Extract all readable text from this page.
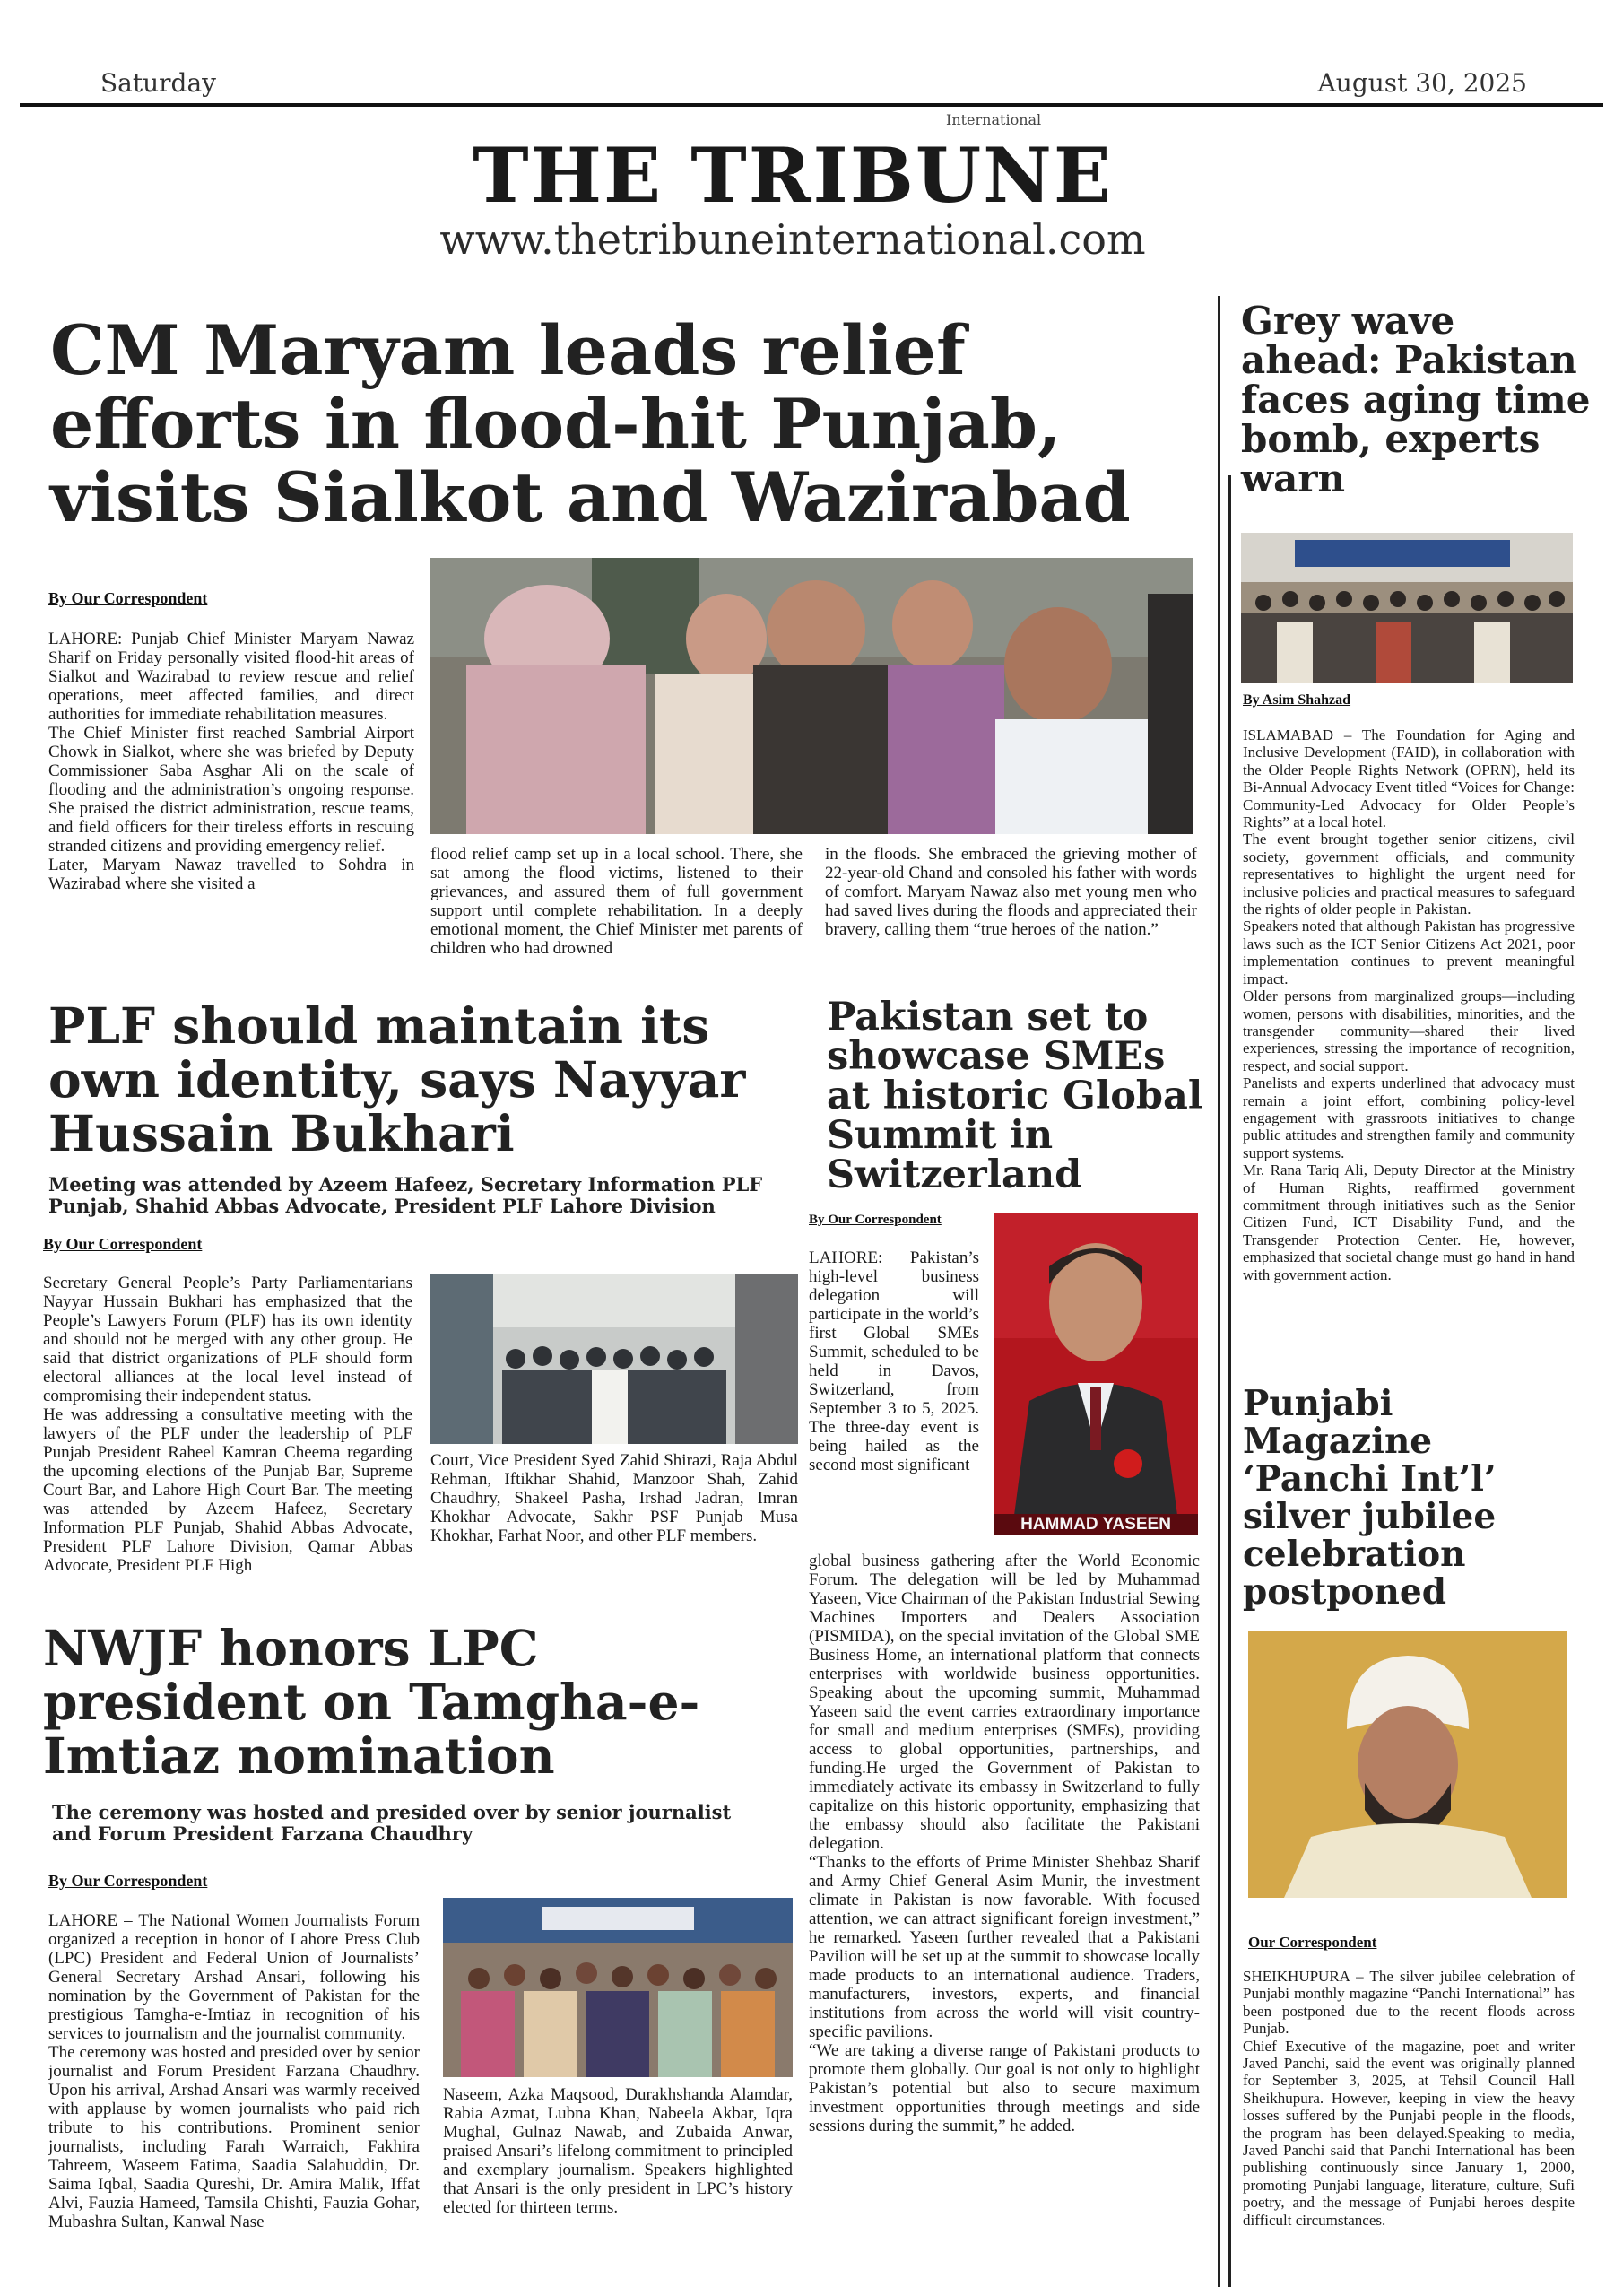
Saturday	August 30, 2025
International
THE TRIBUNE
www.thetribuneinternational.com
CM Maryam leads relief efforts in flood-hit Punjab, visits Sialkot and Wazirabad
By Our Correspondent
LAHORE: Punjab Chief Minister Maryam Nawaz Sharif on Friday personally visited flood-hit areas of Sialkot and Wazirabad to review rescue and relief operations, meet affected families, and direct authorities for immediate rehabilitation measures.
The Chief Minister first reached Sambrial Airport Chowk in Sialkot, where she was briefed by Deputy Commissioner Saba Asghar Ali on the scale of flooding and the administration’s ongoing response. She praised the district administration, rescue teams, and field officers for their tireless efforts in rescuing stranded citizens and providing emergency relief.
Later, Maryam Nawaz travelled to Sohdra in Wazirabad where she visited a
flood relief camp set up in a local school. There, she sat among the flood victims, listened to their grievances, and assured them of full government support until complete rehabilitation. In a deeply emotional moment, the Chief Minister met parents of children who had drowned
in the floods. She embraced the grieving mother of 22-year-old Chand and consoled his father with words of comfort. Maryam Nawaz also met young men who had saved lives during the floods and appreciated their bravery, calling them “true heroes of the nation.”
PLF should maintain its own identity, says Nayyar Hussain Bukhari
Meeting was attended by Azeem Hafeez, Secretary Information PLF Punjab, Shahid Abbas Advocate, President PLF Lahore Division
By Our Correspondent
Secretary General People’s Party Parliamentarians Nayyar Hussain Bukhari has emphasized that the People’s Lawyers Forum (PLF) has its own identity and should not be merged with any other group. He said that district organizations of PLF should form electoral alliances at the local level instead of compromising their independent status.
He was addressing a consultative meeting with the lawyers of the PLF under the leadership of PLF Punjab President Raheel Kamran Cheema regarding the upcoming elections of the Punjab Bar, Supreme Court Bar, and Lahore High Court Bar. The meeting was attended by Azeem Hafeez, Secretary Information PLF Punjab, Shahid Abbas Advocate, President PLF Lahore Division, Qamar Abbas Advocate, President PLF High
Court, Vice President Syed Zahid Shirazi, Raja Abdul Rehman, Iftikhar Shahid, Manzoor Shah, Zahid Chaudhry, Shakeel Pasha, Irshad Jadran, Imran Khokhar Advocate, Sakhr PSF Punjab Musa Khokhar, Farhat Noor, and other PLF members.
NWJF honors LPC president on Tamgha-e-Imtiaz nomination
The ceremony was hosted and presided over by senior journalist and Forum President Farzana Chaudhry
By Our Correspondent
LAHORE – The National Women Journalists Forum organized a reception in honor of Lahore Press Club (LPC) President and Federal Union of Journalists’ General Secretary Arshad Ansari, following his nomination by the Government of Pakistan for the prestigious Tamgha-e-Imtiaz in recognition of his services to journalism and the journalist community.
The ceremony was hosted and presided over by senior journalist and Forum President Farzana Chaudhry. Upon his arrival, Arshad Ansari was warmly received with applause by women journalists who paid rich tribute to his contributions. Prominent senior journalists, including Farah Warraich, Fakhira Tahreem, Waseem Fatima, Saadia Salahuddin, Dr. Saima Iqbal, Saadia Qureshi, Dr. Amira Malik, Iffat Alvi, Fauzia Hameed, Tamsila Chishti, Fauzia Gohar, Mubashra Sultan, Kanwal Nase
Naseem, Azka Maqsood, Durakhshanda Alamdar, Rabia Azmat, Lubna Khan, Nabeela Akbar, Iqra Mughal, Gulnaz Nawab, and Zubaida Anwar, praised Ansari’s lifelong commitment to principled and exemplary journalism. Speakers highlighted that Ansari is the only president in LPC’s history elected for thirteen terms.
Pakistan set to showcase SMEs at historic Global Summit in Switzerland
By Our Correspondent
LAHORE: Pakistan’s high-level business delegation will participate in the world’s first Global SMEs Summit, scheduled to be held in Davos, Switzerland, from September 3 to 5, 2025. The three-day event is being hailed as the second most significant
HAMMAD YASEEN
global business gathering after the World Economic Forum. The delegation will be led by Muhammad Yaseen, Vice Chairman of the Pakistan Industrial Sewing Machines Importers and Dealers Association (PISMIDA), on the special invitation of the Global SME Business Home, an international platform that connects enterprises with worldwide business opportunities. Speaking about the upcoming summit, Muhammad Yaseen said the event carries extraordinary importance for small and medium enterprises (SMEs), providing access to global opportunities, partnerships, and funding.He urged the Government of Pakistan to immediately activate its embassy in Switzerland to fully capitalize on this historic opportunity, emphasizing that the embassy should also facilitate the Pakistani delegation.
“Thanks to the efforts of Prime Minister Shehbaz Sharif and Army Chief General Asim Munir, the investment climate in Pakistan is now favorable. With focused attention, we can attract significant foreign investment,” he remarked. Yaseen further revealed that a Pakistani Pavilion will be set up at the summit to showcase locally made products to an international audience. Traders, manufacturers, investors, experts, and financial institutions from across the world will visit country-specific pavilions.
“We are taking a diverse range of Pakistani products to promote them globally. Our goal is not only to highlight Pakistan’s potential but also to secure maximum investment opportunities through meetings and side sessions during the summit,” he added.
Grey wave ahead: Pakistan faces aging time bomb, experts warn
By Asim Shahzad
ISLAMABAD – The Foundation for Aging and Inclusive Development (FAID), in collaboration with the Older People Rights Network (OPRN), held its Bi-Annual Advocacy Event titled “Voices for Change: Community-Led Advocacy for Older People’s Rights” at a local hotel.
The event brought together senior citizens, civil society, government officials, and community representatives to highlight the urgent need for inclusive policies and practical measures to safeguard the rights of older people in Pakistan.
Speakers noted that although Pakistan has progressive laws such as the ICT Senior Citizens Act 2021, poor implementation continues to prevent meaningful impact.
Older persons from marginalized groups—including women, persons with disabilities, minorities, and the transgender community—shared their lived experiences, stressing the importance of recognition, respect, and social support.
Panelists and experts underlined that advocacy must remain a joint effort, combining policy-level engagement with grassroots initiatives to change public attitudes and strengthen family and community support systems.
Mr. Rana Tariq Ali, Deputy Director at the Ministry of Human Rights, reaffirmed government commitment through initiatives such as the Senior Citizen Fund, ICT Disability Fund, and the Transgender Protection Center. He, however, emphasized that societal change must go hand in hand with government action.
Punjabi Magazine ‘Panchi Int’l’ silver jubilee celebration postponed
Our Correspondent
SHEIKHUPURA – The silver jubilee celebration of Punjabi monthly magazine “Panchi International” has been postponed due to the recent floods across Punjab.
Chief Executive of the magazine, poet and writer Javed Panchi, said the event was originally planned for September 3, 2025, at Tehsil Council Hall Sheikhupura. However, keeping in view the heavy losses suffered by the Punjabi people in the floods, the program has been delayed.Speaking to media, Javed Panchi said that Panchi International has been publishing continuously since January 1, 2000, promoting Punjabi language, literature, culture, Sufi poetry, and the message of Punjabi heroes despite difficult circumstances.
